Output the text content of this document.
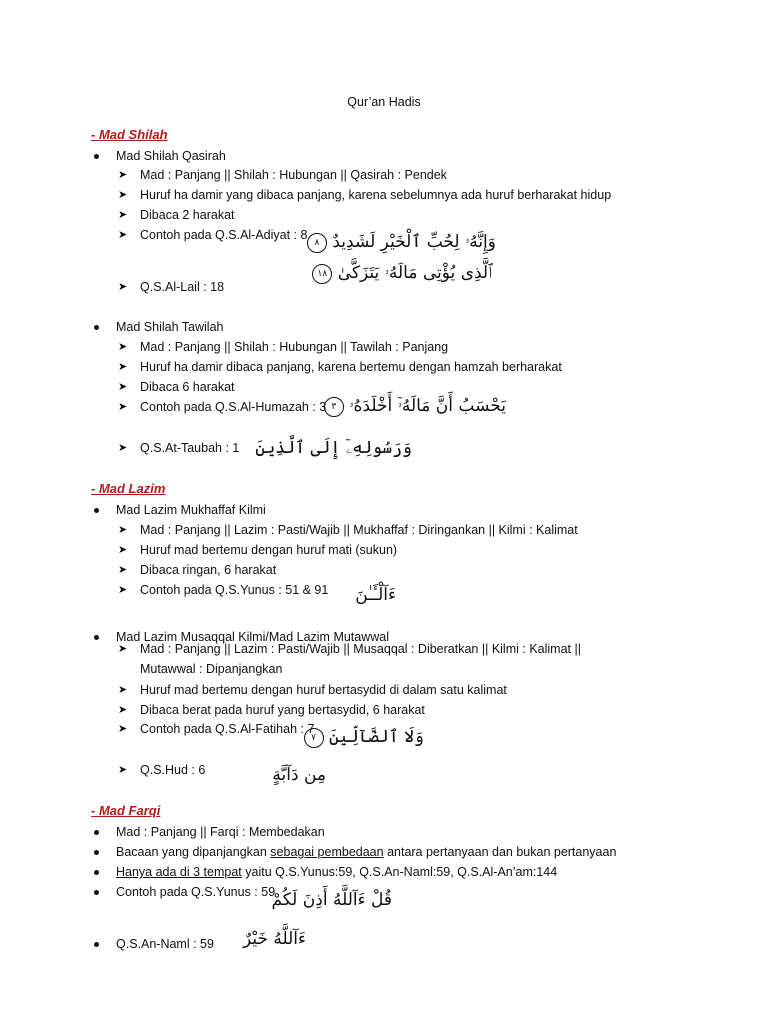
Qur’an Hadis
- Mad Shilah
Mad Shilah Qasirah
➤ Mad : Panjang || Shilah : Hubungan || Qasirah : Pendek
➤ Huruf ha damir yang dibaca panjang, karena sebelumnya ada huruf berharakat hidup
➤ Dibaca 2 harakat
➤ Contoh pada Q.S.Al-Adiyat : 8 وَإِنَّهُۥ لِحُبِّ ٱلْخَيْرِ لَشَدِيدٌ ٨
ٱلَّذِى يُؤْتِى مَالَهُۥ يَتَزَكَّىٰ ١٨
➤ Q.S.Al-Lail : 18
Mad Shilah Tawilah
➤ Mad : Panjang || Shilah : Hubungan || Tawilah : Panjang
➤ Huruf ha damir dibaca panjang, karena bertemu dengan hamzah berharakat
➤ Dibaca 6 harakat
➤ Contoh pada Q.S.Al-Humazah : 3 يَحْسَبُ أَنَّ مَالَهُۥٓ أَخْلَدَهُۥ ٣
➤ Q.S.At-Taubah : 1 وَرَسُولِهِۦٓ إِلَى ٱلَّذِينَ
- Mad Lazim
Mad Lazim Mukhaffaf Kilmi
➤ Mad : Panjang || Lazim : Pasti/Wajib || Mukhaffaf : Diringankan || Kilmi : Kalimat
➤ Huruf mad bertemu dengan huruf mati (sukun)
➤ Dibaca ringan, 6 harakat
➤ Contoh pada Q.S.Yunus : 51 & 91	ءَآلْـَٔـٰنَ
Mad Lazim Musaqqal Kilmi/Mad Lazim Mutawwal
➤ Mad : Panjang || Lazim : Pasti/Wajib || Musaqqal : Diberatkan || Kilmi : Kalimat ||
Mutawwal : Dipanjangkan
➤ Huruf mad bertemu dengan huruf bertasydid di dalam satu kalimat
➤ Dibaca berat pada huruf yang bertasydid, 6 harakat
➤ Contoh pada Q.S.Al-Fatihah : 7 وَلَا ٱلضَّآلِّينَ ٧
➤ Q.S.Hud : 6	مِن دَآبَّةٍ
- Mad Farqi
Mad : Panjang || Farqi : Membedakan
Bacaan yang dipanjangkan sebagai pembedaan antara pertanyaan dan bukan pertanyaan
Hanya ada di 3 tempat yaitu Q.S.Yunus:59, Q.S.An-Naml:59, Q.S.Al-An’am:144
Contoh pada Q.S.Yunus : 59
قُلْ ءَآللَّهُ أَذِنَ لَكُمْ
Q.S.An-Naml : 59	ءَآللَّهُ خَيْرٌ
